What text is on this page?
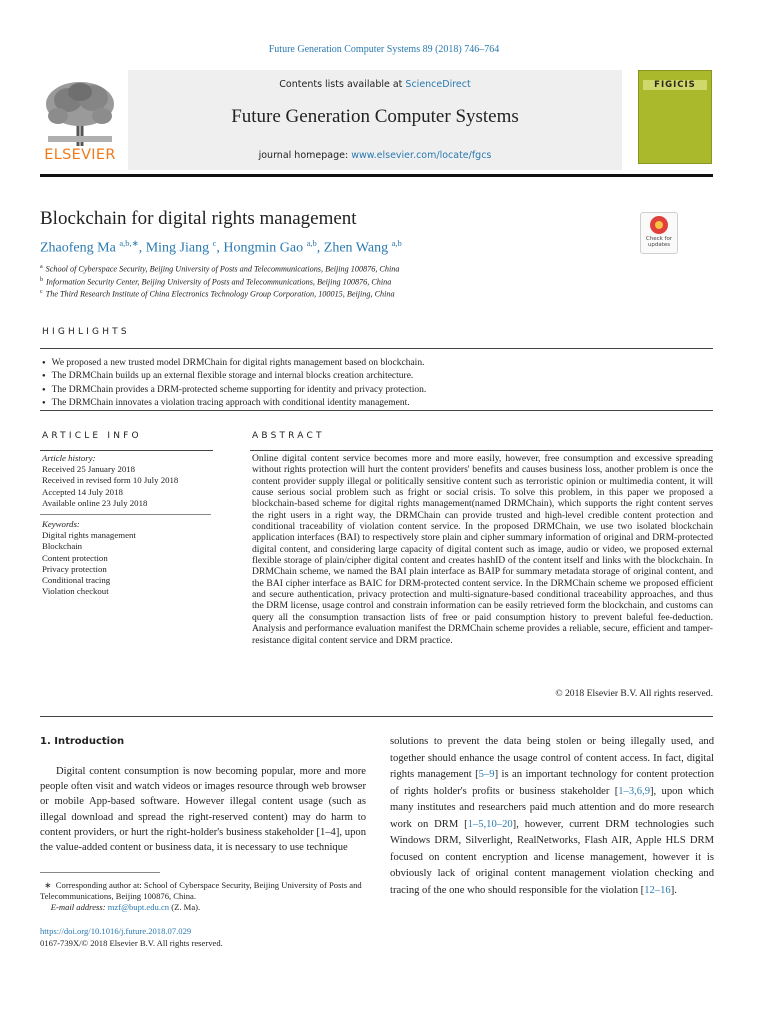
Future Generation Computer Systems 89 (2018) 746–764
ELSEVIER
Contents lists available at ScienceDirect
Future Generation Computer Systems
journal homepage: www.elsevier.com/locate/fgcs
FIGICIS
Blockchain for digital rights management
Check for updates
Zhaofeng Ma $^{a,b,∗}$, Ming Jiang $^c$, Hongmin Gao $^{a,b}$, Zhen Wang $^{a,b}$
$^a$ School of Cyberspace Security, Beijing University of Posts and Telecommunications, Beijing 100876, China
$^b$ Information Security Center, Beijing University of Posts and Telecommunications, Beijing 100876, China
$^c$ The Third Research Institute of China Electronics Technology Group Corporation, 100015, Beijing, China
HIGHLIGHTS
● We proposed a new trusted model DRMChain for digital rights management based on blockchain.
● The DRMChain builds up an external flexible storage and internal blocks creation architecture.
● The DRMChain provides a DRM-protected scheme supporting for identity and privacy protection.
● The DRMChain innovates a violation tracing approach with conditional identity management.
ARTICLE INFO
Article history:
Received 25 January 2018
Received in revised form 10 July 2018
Accepted 14 July 2018
Available online 23 July 2018
Keywords:
Digital rights management
Blockchain
Content protection
Privacy protection
Conditional tracing
Violation checkout
ABSTRACT
Online digital content service becomes more and more easily, however, free consumption and excessive spreading without rights protection will hurt the content providers' benefits and causes business loss, another problem is once the content provider supply illegal or politically sensitive content such as terroristic opinion or multimedia content, it will cause serious social problem such as fright or social crisis. To solve this problem, in this paper we proposed a blockchain-based scheme for digital rights management(named DRMChain), which supports the right content serves the right users in a right way, the DRMChain can provide trusted and high-level credible content protection and conditional traceability of violation content service. In the proposed DRMChain, we use two isolated blockchain application interfaces (BAI) to respectively store plain and cipher summary information of original and DRM-protected digital content, and considering large capacity of digital content such as image, audio or video, we proposed external flexible storage of plain/cipher digital content and creates hashID of the content itself and links with the blockchain. In DRMChain scheme, we named the BAI plain interface as BAIP for summary metadata storage of original content, and the BAI cipher interface as BAIC for DRM-protected content service. In the DRMChain scheme we proposed efficient and secure authentication, privacy protection and multi-signature-based conditional traceability approaches, and thus the DRM license, usage control and constrain information can be easily retrieved form the blockchain, and customs can query all the consumption transaction lists of free or paid consumption history to prevent baleful fee-deduction. Analysis and performance evaluation manifest the DRMChain scheme provides a reliable, secure, efficient and tamper-resistance digital content service and DRM practice.
© 2018 Elsevier B.V. All rights reserved.
1. Introduction
Digital content consumption is now becoming popular, more and more people often visit and watch videos or images resource through web browser or mobile App-based software. However illegal content usage (such as illegal download and spread the right-reserved content) may do harm to content providers, or hurt the right-holder's business stakeholder [1–4], upon the value-added content or business data, it is necessary to use technique
∗ Corresponding author at: School of Cyberspace Security, Beijing University of Posts and Telecommunications, Beijing 100876, China.
E-mail address: mzf@bupt.edu.cn (Z. Ma).
https://doi.org/10.1016/j.future.2018.07.029
0167-739X/© 2018 Elsevier B.V. All rights reserved.
solutions to prevent the data being stolen or being illegally used, and together should enhance the usage control of content access. In fact, digital rights management [5–9] is an important technology for content protection of rights holder's profits or business stakeholder [1–3,6,9], upon which many institutes and researchers paid much attention and do more research work on DRM [1–5,10–20], however, current DRM technologies such Windows DRM, Silverlight, RealNetworks, Flash AIR, Apple HLS DRM focused on content encryption and license management, however it is obviously lack of original content management violation checking and tracing of the one who should responsible for the violation [12–16].
